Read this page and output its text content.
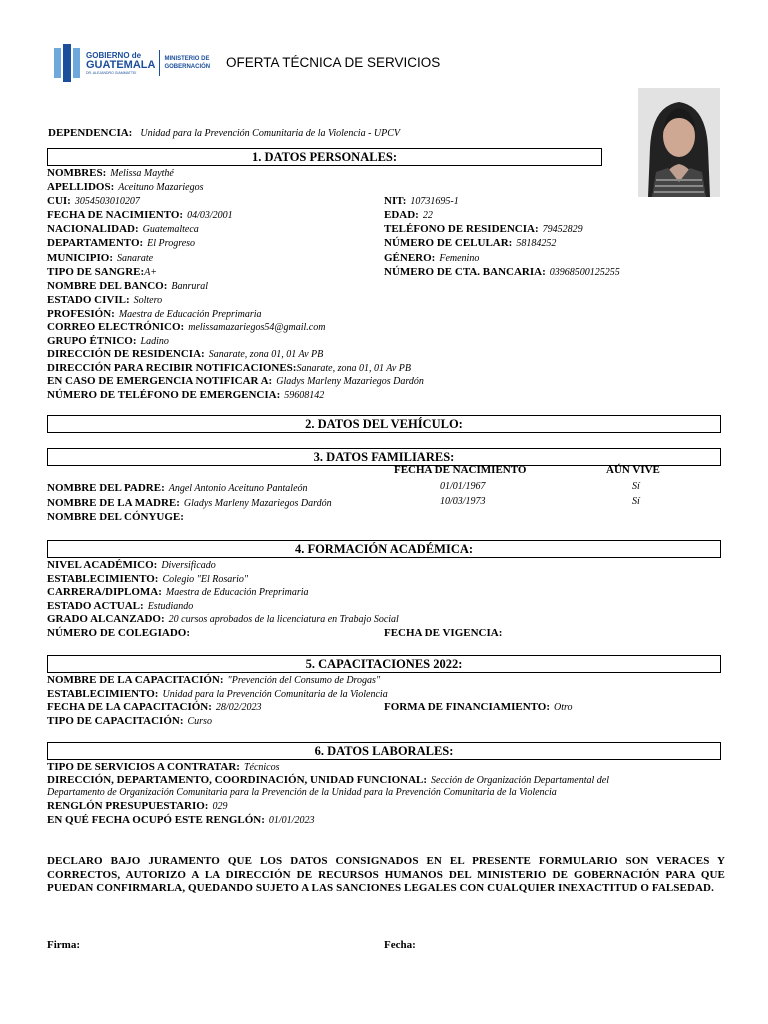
GOBIERNO de
GUATEMALA
DR. ALEJANDRO GIAMMATTEI
MINISTERIO DE
GOBERNACIÓN OFERTA TÉCNICA DE SERVICIOS
DEPENDENCIA: Unidad para la Prevención Comunitaria de la Violencia - UPCV
1. DATOS PERSONALES:
NOMBRES: Melissa Maythé
APELLIDOS: Aceituno Mazariegos
CUI: 3054503010207	NIT: 10731695-1
FECHA DE NACIMIENTO: 04/03/2001	EDAD: 22
NACIONALIDAD: Guatemalteca	TELÉFONO DE RESIDENCIA: 79452829
DEPARTAMENTO: El Progreso	NÚMERO DE CELULAR: 58184252
MUNICIPIO: Sanarate	GÉNERO: Femenino
TIPO DE SANGRE:A+	NÚMERO DE CTA. BANCARIA: 03968500125255
NOMBRE DEL BANCO: Banrural
ESTADO CIVIL: Soltero
PROFESIÓN: Maestra de Educación Preprimaria
CORREO ELECTRÓNICO: melissamazariegos54@gmail.com
GRUPO ÉTNICO: Ladino
DIRECCIÓN DE RESIDENCIA: Sanarate, zona 01, 01 Av PB
DIRECCIÓN PARA RECIBIR NOTIFICACIONES:Sanarate, zona 01, 01 Av PB
EN CASO DE EMERGENCIA NOTIFICAR A: Gladys Marleny Mazariegos Dardón
NÚMERO DE TELÉFONO DE EMERGENCIA: 59608142
2. DATOS DEL VEHÍCULO:
3. DATOS FAMILIARES:
FECHA DE NACIMIENTO	AÚN VIVE
NOMBRE DEL PADRE: Angel Antonio Aceituno Pantaleón	01/01/1967	Sí
NOMBRE DE LA MADRE: Gladys Marleny Mazariegos Dardón	10/03/1973	Sí
NOMBRE DEL CÓNYUGE:
4. FORMACIÓN ACADÉMICA:
NIVEL ACADÉMICO: Diversificado
ESTABLECIMIENTO: Colegio "El Rosario"
CARRERA/DIPLOMA: Maestra de Educación Preprimaria
ESTADO ACTUAL: Estudiando
GRADO ALCANZADO: 20 cursos aprobados de la licenciatura en Trabajo Social
NÚMERO DE COLEGIADO:	FECHA DE VIGENCIA:
5. CAPACITACIONES 2022:
NOMBRE DE LA CAPACITACIÓN: "Prevención del Consumo de Drogas"
ESTABLECIMIENTO: Unidad para la Prevención Comunitaria de la Violencia
FECHA DE LA CAPACITACIÓN: 28/02/2023	FORMA DE FINANCIAMIENTO: Otro
TIPO DE CAPACITACIÓN: Curso
6. DATOS LABORALES:
TIPO DE SERVICIOS A CONTRATAR: Técnicos
DIRECCIÓN, DEPARTAMENTO, COORDINACIÓN, UNIDAD FUNCIONAL: Sección de Organización Departamental del
Departamento de Organización Comunitaria para la Prevención de la Unidad para la Prevención Comunitaria de la Violencia
RENGLÓN PRESUPUESTARIO: 029
EN QUÉ FECHA OCUPÓ ESTE RENGLÓN: 01/01/2023
DECLARO BAJO JURAMENTO QUE LOS DATOS CONSIGNADOS EN EL PRESENTE FORMULARIO SON VERACES Y CORRECTOS, AUTORIZO A LA DIRECCIÓN DE RECURSOS HUMANOS DEL MINISTERIO DE GOBERNACIÓN PARA QUE PUEDAN CONFIRMARLA, QUEDANDO SUJETO A LAS SANCIONES LEGALES CON CUALQUIER INEXACTITUD O FALSEDAD.
Firma:	Fecha:
